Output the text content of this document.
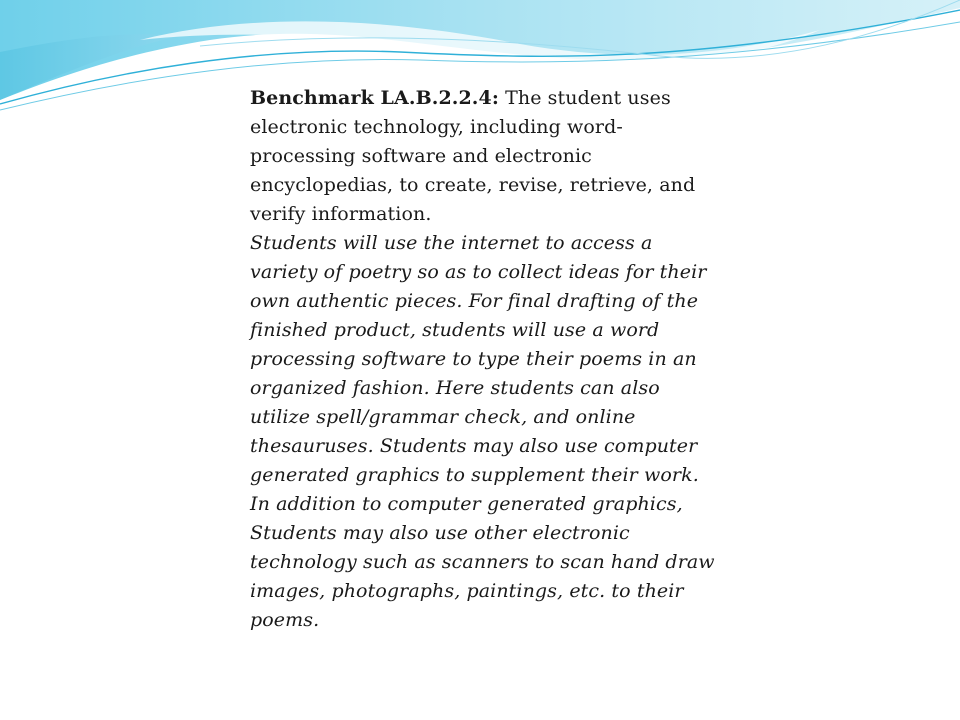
Benchmark LA.B.2.2.4: The student uses electronic technology, including word-processing software and electronic encyclopedias, to create, revise, retrieve, and verify information.

Students will use the internet to access a variety of poetry so as to collect ideas for their own authentic pieces. For final drafting of the finished product, students will use a word processing software to type their poems in an organized fashion. Here students can also utilize spell/grammar check, and online thesauruses. Students may also use computer generated graphics to supplement their work. In addition to computer generated graphics, Students may also use other electronic technology such as scanners to scan hand draw images, photographs, paintings, etc. to their poems.
